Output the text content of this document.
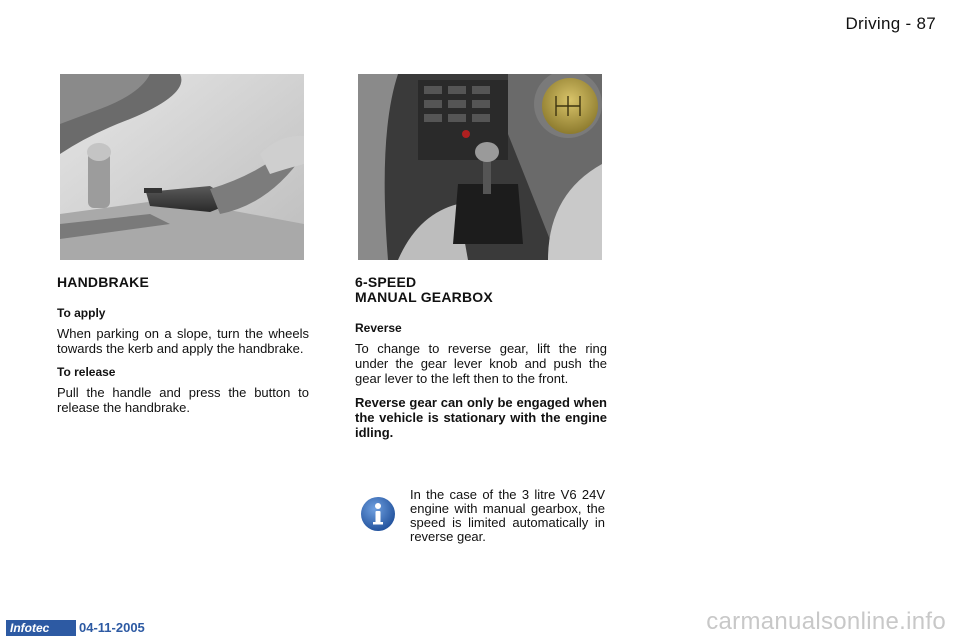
Driving - 87
HANDBRAKE
To apply
When parking on a slope, turn the wheels towards the kerb and apply the handbrake.
To release
Pull the handle and press the button to release the handbrake.
6-SPEED
MANUAL GEARBOX
Reverse
To change to reverse gear, lift the ring under the gear lever knob and push the gear lever to the left then to the front.
Reverse gear can only be engaged when the vehicle is stationary with the engine idling.
In the case of the 3 litre V6 24V engine with manual gearbox, the speed is limited automatically in reverse gear.
Infotec	04-11-2005	carmanualsonline.info
